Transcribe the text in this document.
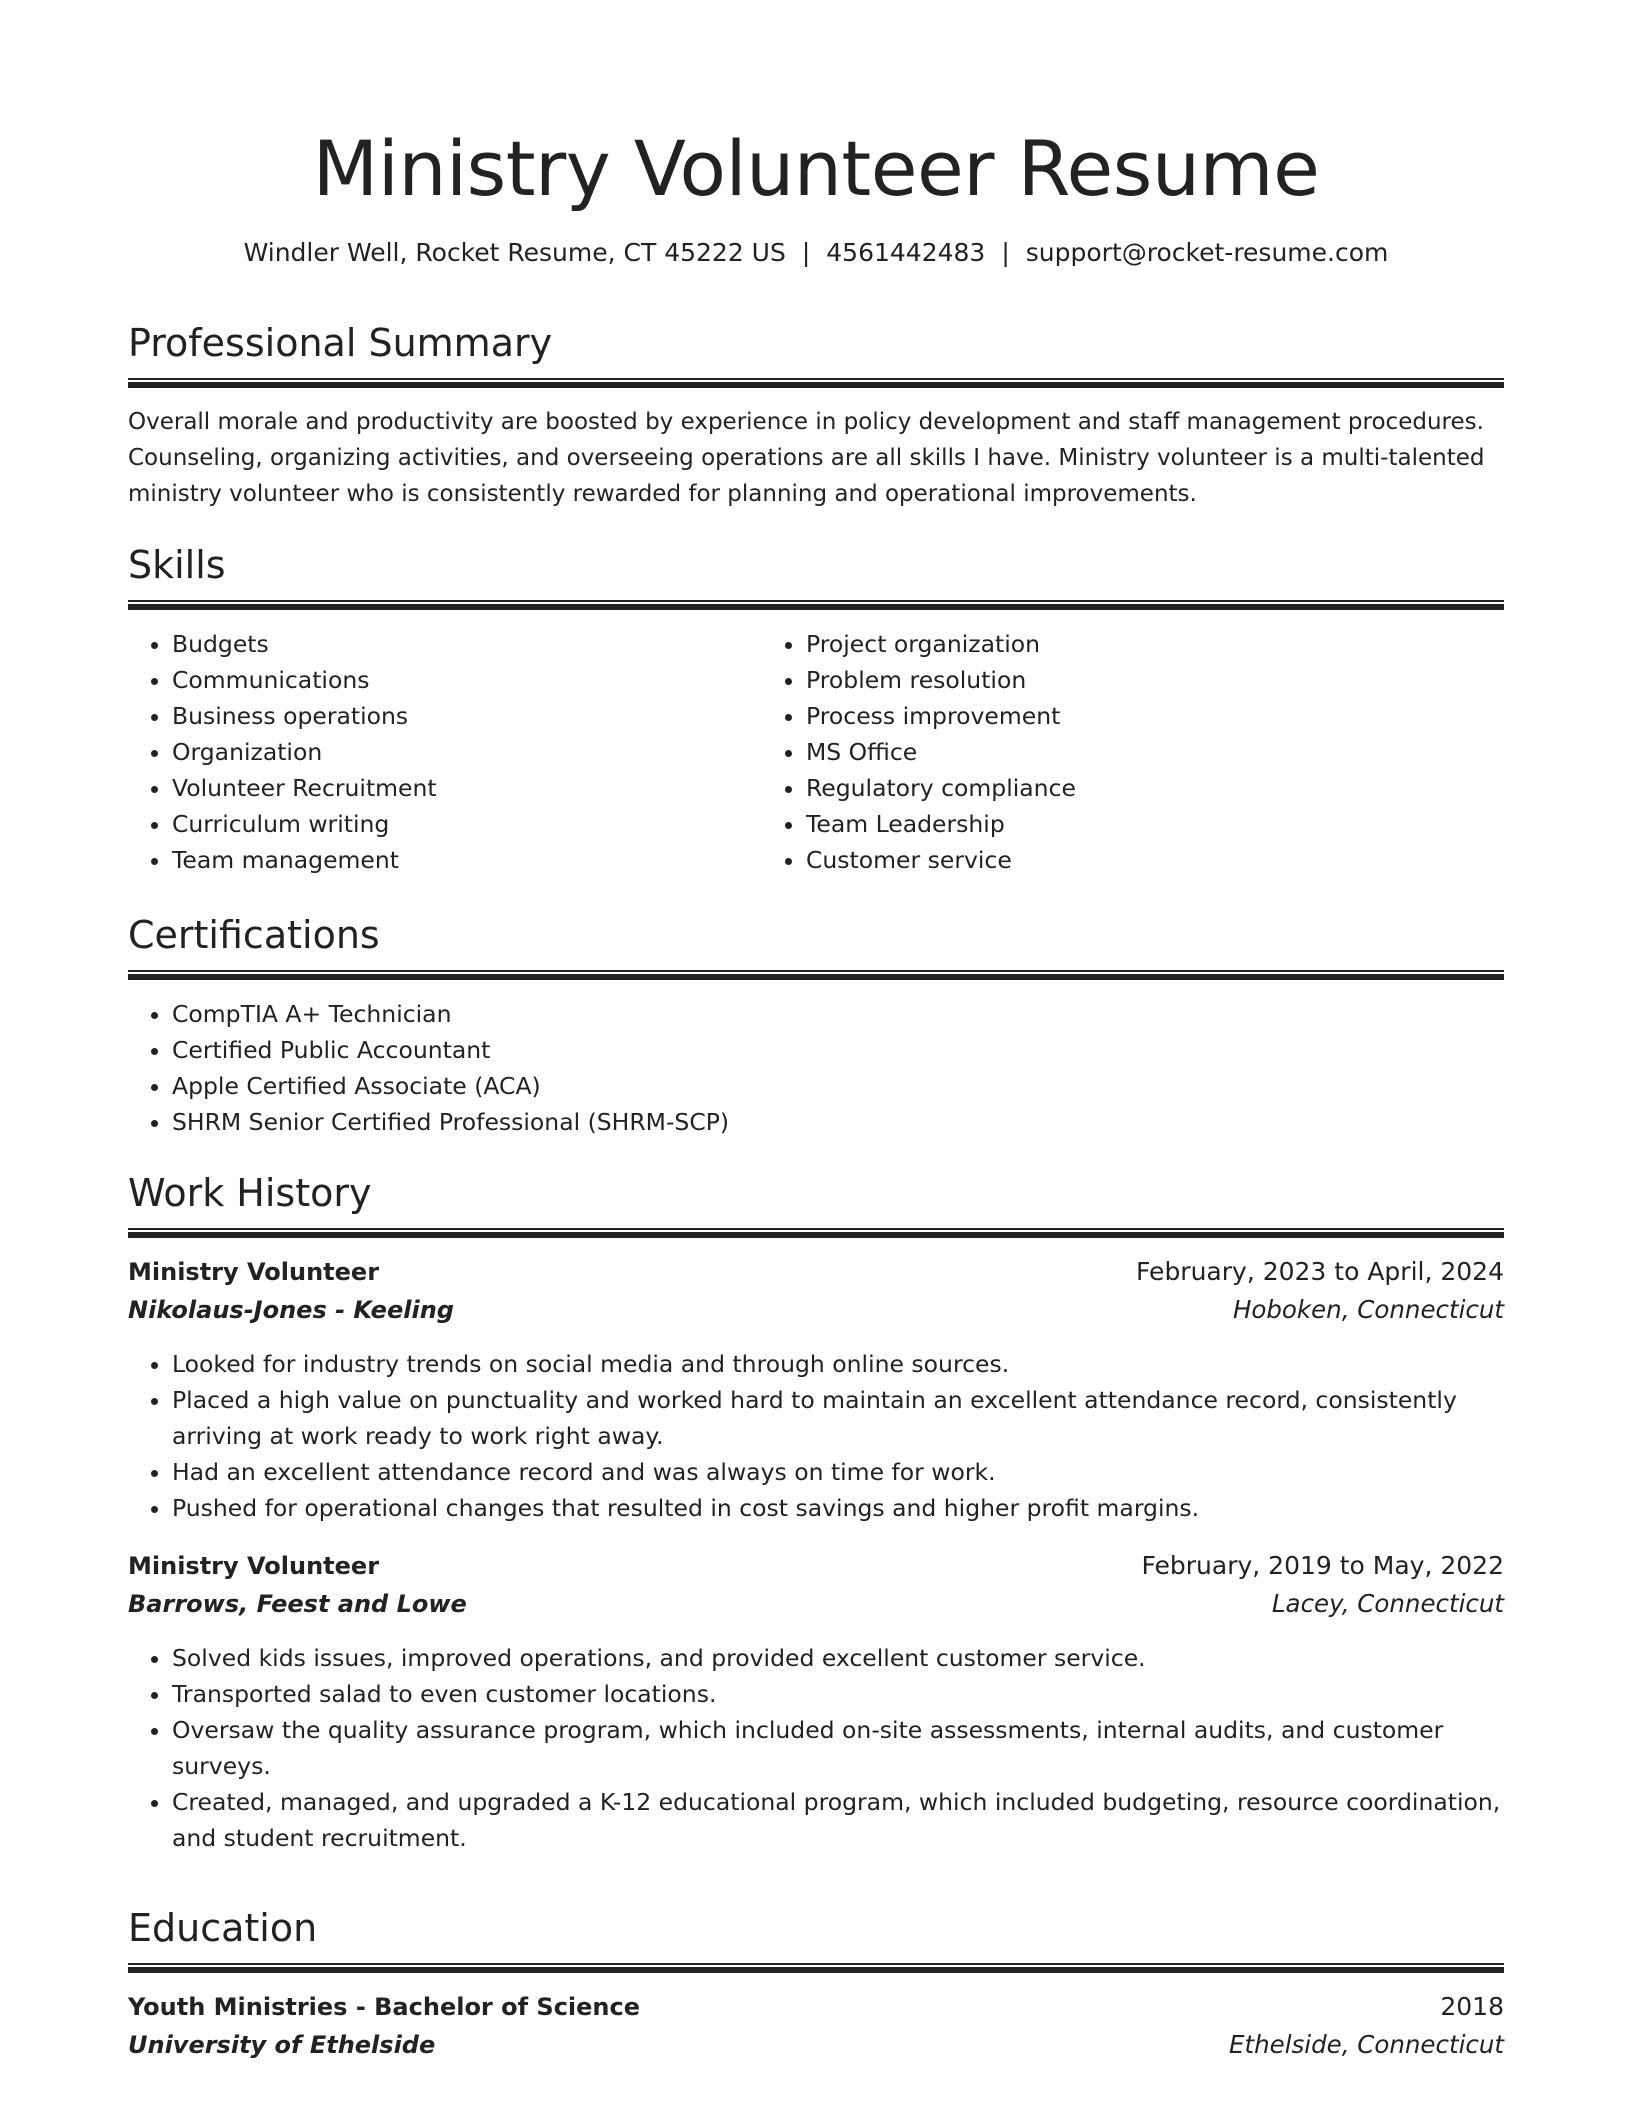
Ministry Volunteer Resume
Windler Well, Rocket Resume, CT 45222 US | 4561442483 | support@rocket-resume.com
Professional Summary

Overall morale and productivity are boosted by experience in policy development and staff management procedures. Counseling, organizing activities, and overseeing operations are all skills I have. Ministry volunteer is a multi-talented ministry volunteer who is consistently rewarded for planning and operational improvements.

Skills
• Budgets
• Communications
• Business operations
• Organization
• Volunteer Recruitment
• Curriculum writing
• Team management
• Project organization
• Problem resolution
• Process improvement
• MS Office
• Regulatory compliance
• Team Leadership
• Customer service
Certifications
• CompTIA A+ Technician
• Certified Public Accountant
• Apple Certified Associate (ACA)
• SHRM Senior Certified Professional (SHRM-SCP)
Work History
Ministry Volunteer	February, 2023 to April, 2024
Nikolaus-Jones - Keeling	Hoboken, Connecticut
• Looked for industry trends on social media and through online sources.
• Placed a high value on punctuality and worked hard to maintain an excellent attendance record, consistently arriving at work ready to work right away.
• Had an excellent attendance record and was always on time for work.
• Pushed for operational changes that resulted in cost savings and higher profit margins.
Ministry Volunteer	February, 2019 to May, 2022
Barrows, Feest and Lowe	Lacey, Connecticut
• Solved kids issues, improved operations, and provided excellent customer service.
• Transported salad to even customer locations.
• Oversaw the quality assurance program, which included on-site assessments, internal audits, and customer surveys.
• Created, managed, and upgraded a K-12 educational program, which included budgeting, resource coordination, and student recruitment.
Education
Youth Ministries - Bachelor of Science	2018
University of Ethelside	Ethelside, Connecticut
